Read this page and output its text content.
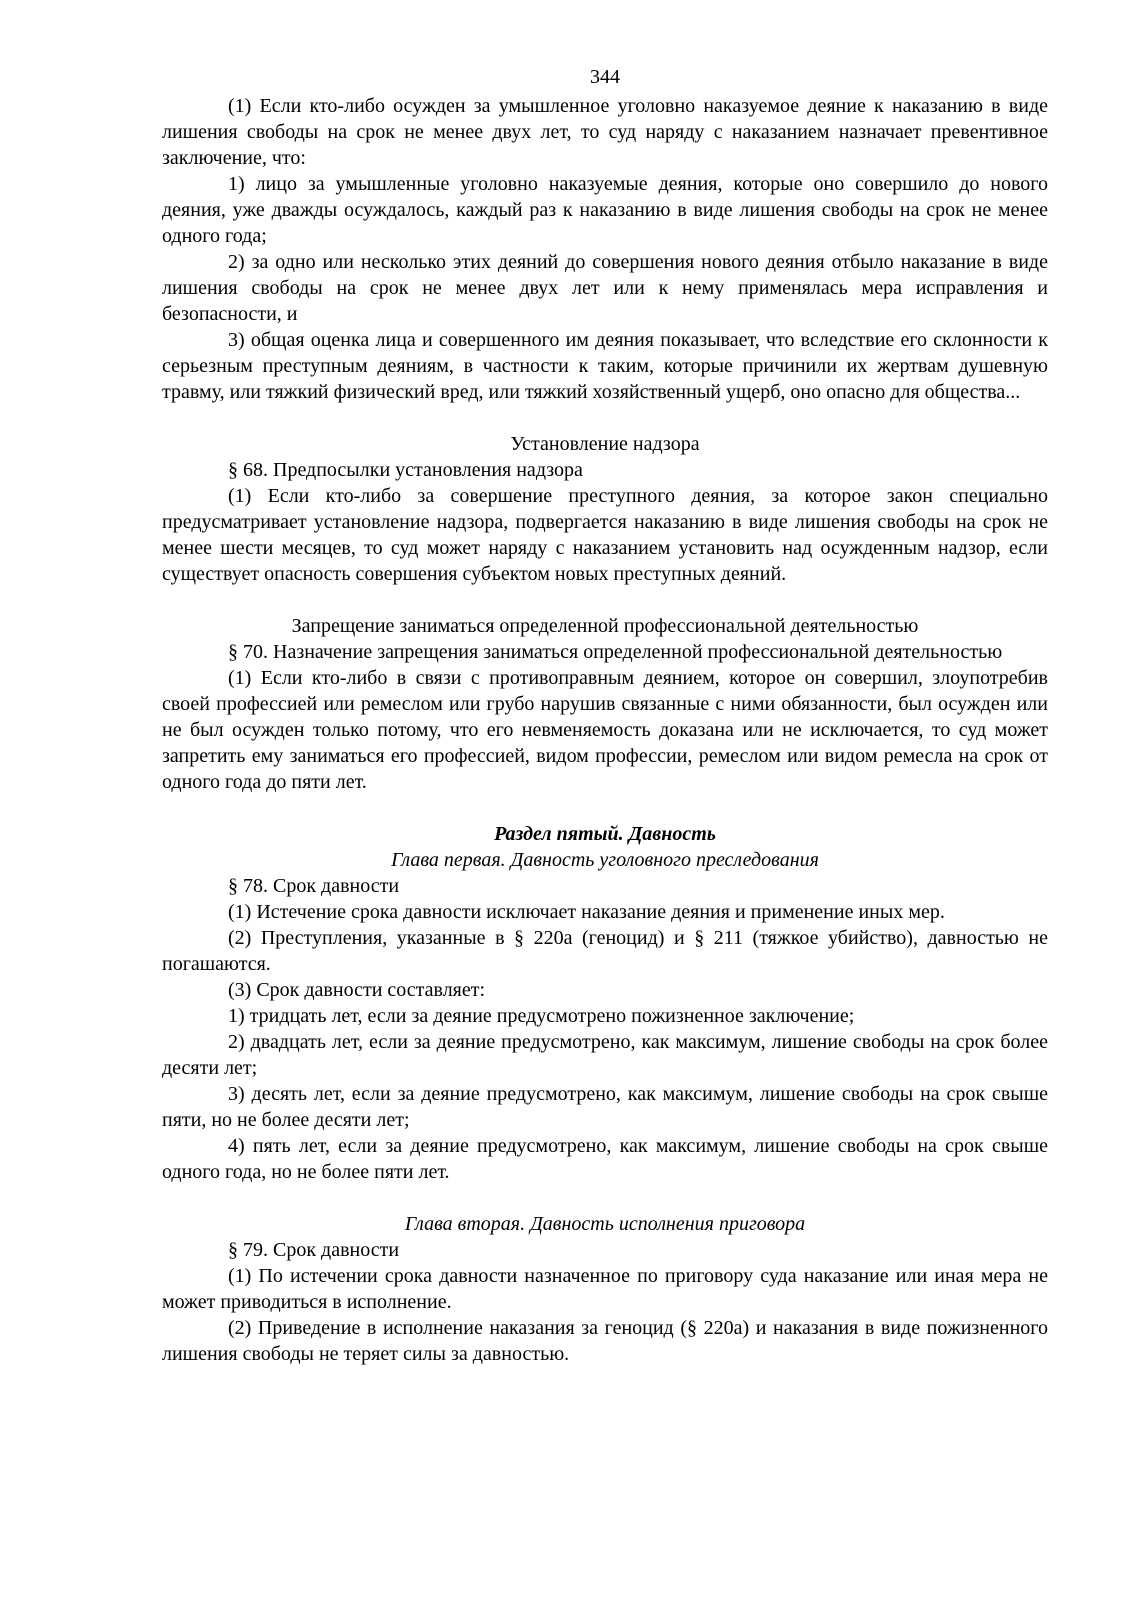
344

(1) Если кто-либо осужден за умышленное уголовно наказуемое деяние к наказанию в виде лишения свободы на срок не менее двух лет, то суд наряду с наказанием назначает превентивное заключение, что:

1) лицо за умышленные уголовно наказуемые деяния, которые оно совершило до нового деяния, уже дважды осуждалось, каждый раз к наказанию в виде лишения свободы на срок не менее одного года;

2) за одно или несколько этих деяний до совершения нового деяния отбыло наказание в виде лишения свободы на срок не менее двух лет или к нему применялась мера исправления и безопасности, и

3) общая оценка лица и совершенного им деяния показывает, что вследствие его склонности к серьезным преступным деяниям, в частности к таким, которые причинили их жертвам душевную травму, или тяжкий физический вред, или тяжкий хозяйственный ущерб, оно опасно для общества...

Установление надзора

§ 68. Предпосылки установления надзора

(1) Если кто-либо за совершение преступного деяния, за которое закон специально предусматривает установление надзора, подвергается наказанию в виде лишения свободы на срок не менее шести месяцев, то суд может наряду с наказанием установить над осужденным надзор, если существует опасность совершения субъектом новых преступных деяний.

Запрещение заниматься определенной профессиональной деятельностью

§ 70. Назначение запрещения заниматься определенной профессиональной деятельностью

(1) Если кто-либо в связи с противоправным деянием, которое он совершил, злоупотребив своей профессией или ремеслом или грубо нарушив связанные с ними обязанности, был осужден или не был осужден только потому, что его невменяемость доказана или не исключается, то суд может запретить ему заниматься его профессией, видом профессии, ремеслом или видом ремесла на срок от одного года до пяти лет.

Раздел пятый. Давность

Глава первая. Давность уголовного преследования

§ 78. Срок давности

(1) Истечение срока давности исключает наказание деяния и применение иных мер.

(2) Преступления, указанные в § 220а (геноцид) и § 211 (тяжкое убийство), давностью не погашаются.

(3) Срок давности составляет:

1) тридцать лет, если за деяние предусмотрено пожизненное заключение;

2) двадцать лет, если за деяние предусмотрено, как максимум, лишение свободы на срок более десяти лет;

3) десять лет, если за деяние предусмотрено, как максимум, лишение свободы на срок свыше пяти, но не более десяти лет;

4) пять лет, если за деяние предусмотрено, как максимум, лишение свободы на срок свыше одного года, но не более пяти лет.

Глава вторая. Давность исполнения приговора

§ 79. Срок давности

(1) По истечении срока давности назначенное по приговору суда наказание или иная мера не может приводиться в исполнение.

(2) Приведение в исполнение наказания за геноцид (§ 220а) и наказания в виде пожизненного лишения свободы не теряет силы за давностью.
